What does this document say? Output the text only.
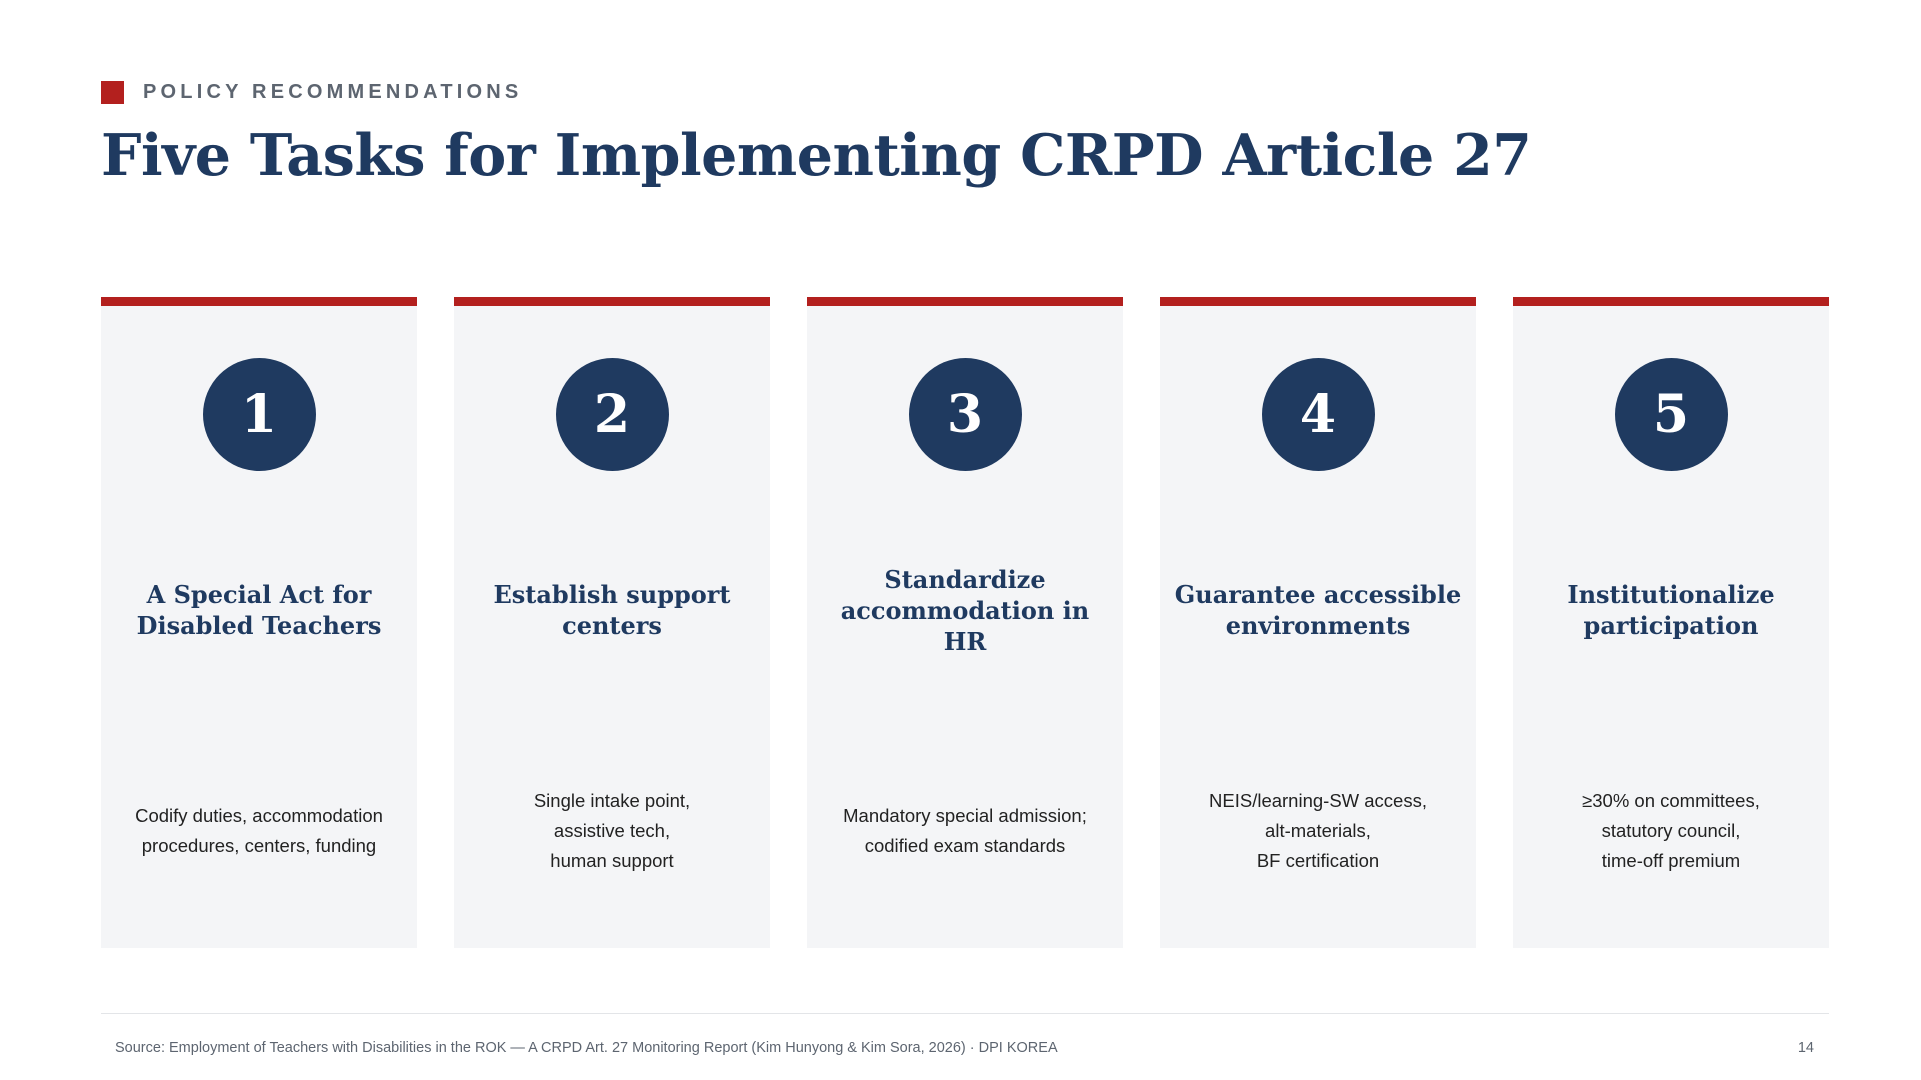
POLICY RECOMMENDATIONS
Five Tasks for Implementing CRPD Article 27
1
A Special Act for Disabled Teachers
Codify duties, accommodation procedures, centers, funding
2
Establish support centers
Single intake point,
assistive tech,
human support
3
Standardize accommodation in HR
Mandatory special admission; codified exam standards
4
Guarantee accessible environments
NEIS/learning-SW access,
alt-materials,
BF certification
5
Institutionalize participation
≥30% on committees,
statutory council,
time-off premium
Source: Employment of Teachers with Disabilities in the ROK — A CRPD Art. 27 Monitoring Report (Kim Hunyong & Kim Sora, 2026) · DPI KOREA	14
